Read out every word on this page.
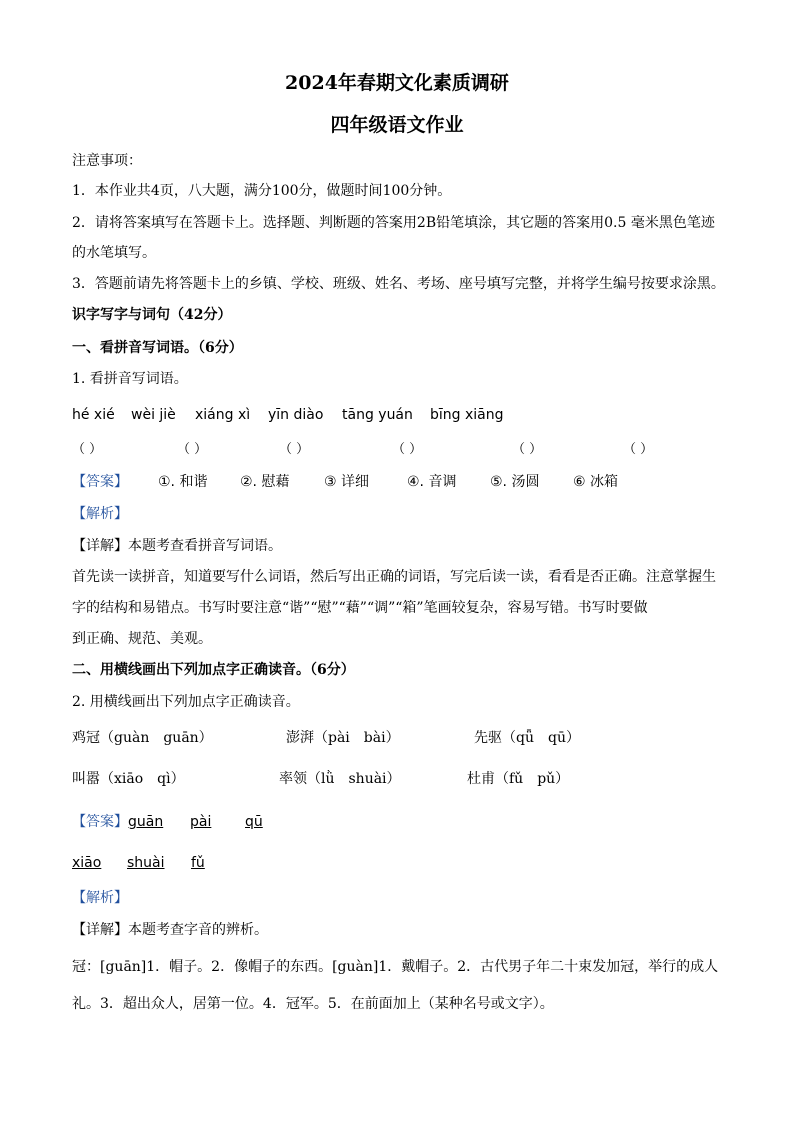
2024年春期文化素质调研
四年级语文作业
注意事项：
1．本作业共4页，八大题，满分100分，做题时间100分钟。
2．请将答案填写在答题卡上。选择题、判断题的答案用2B铅笔填涂，其它题的答案用0.5 毫米黑色笔迹
的水笔填写。
3．答题前请先将答题卡上的乡镇、学校、班级、姓名、考场、座号填写完整，并将学生编号按要求涂黑。
识字写字与词句（42分）
一、看拼音写词语。（6分）
1. 看拼音写词语。
hé xié wèi jiè xiáng xì yīn diào tāng yuán bīng xiāng
（ ）	（ ）	（ ）	（ ）	（ ）	（ ）
【答案】 ①. 和谐 ②. 慰藉 ③ 详细	④. 音调 ⑤. 汤圆 ⑥ 冰箱
【解析】
【详解】本题考查看拼音写词语。
首先读一读拼音，知道要写什么词语，然后写出正确的词语，写完后读一读，看看是否正确。注意掌握生
字的结构和易错点。书写时要注意“谐”“慰”“藉”“调”“箱”笔画较复杂，容易写错。书写时要做
到正确、规范、美观。
二、用横线画出下列加点字正确读音。（6分）
2. 用横线画出下列加点字正确读音。
鸡冠（guàn　guān）	澎湃（pài　bài）	先驱（qǖ　qū）
叫嚣（xiāo　qì）	率领（lǜ　shuài）	杜甫（fǔ　pǔ）
【答案】 guān pài qū
xiāo shuài fǔ
【解析】
【详解】本题考查字音的辨析。
冠：[guān]1．帽子。2．像帽子的东西。[guàn]1．戴帽子。2．古代男子年二十束发加冠，举行的成人
礼。3．超出众人，居第一位。4．冠军。5．在前面加上（某种名号或文字）。
